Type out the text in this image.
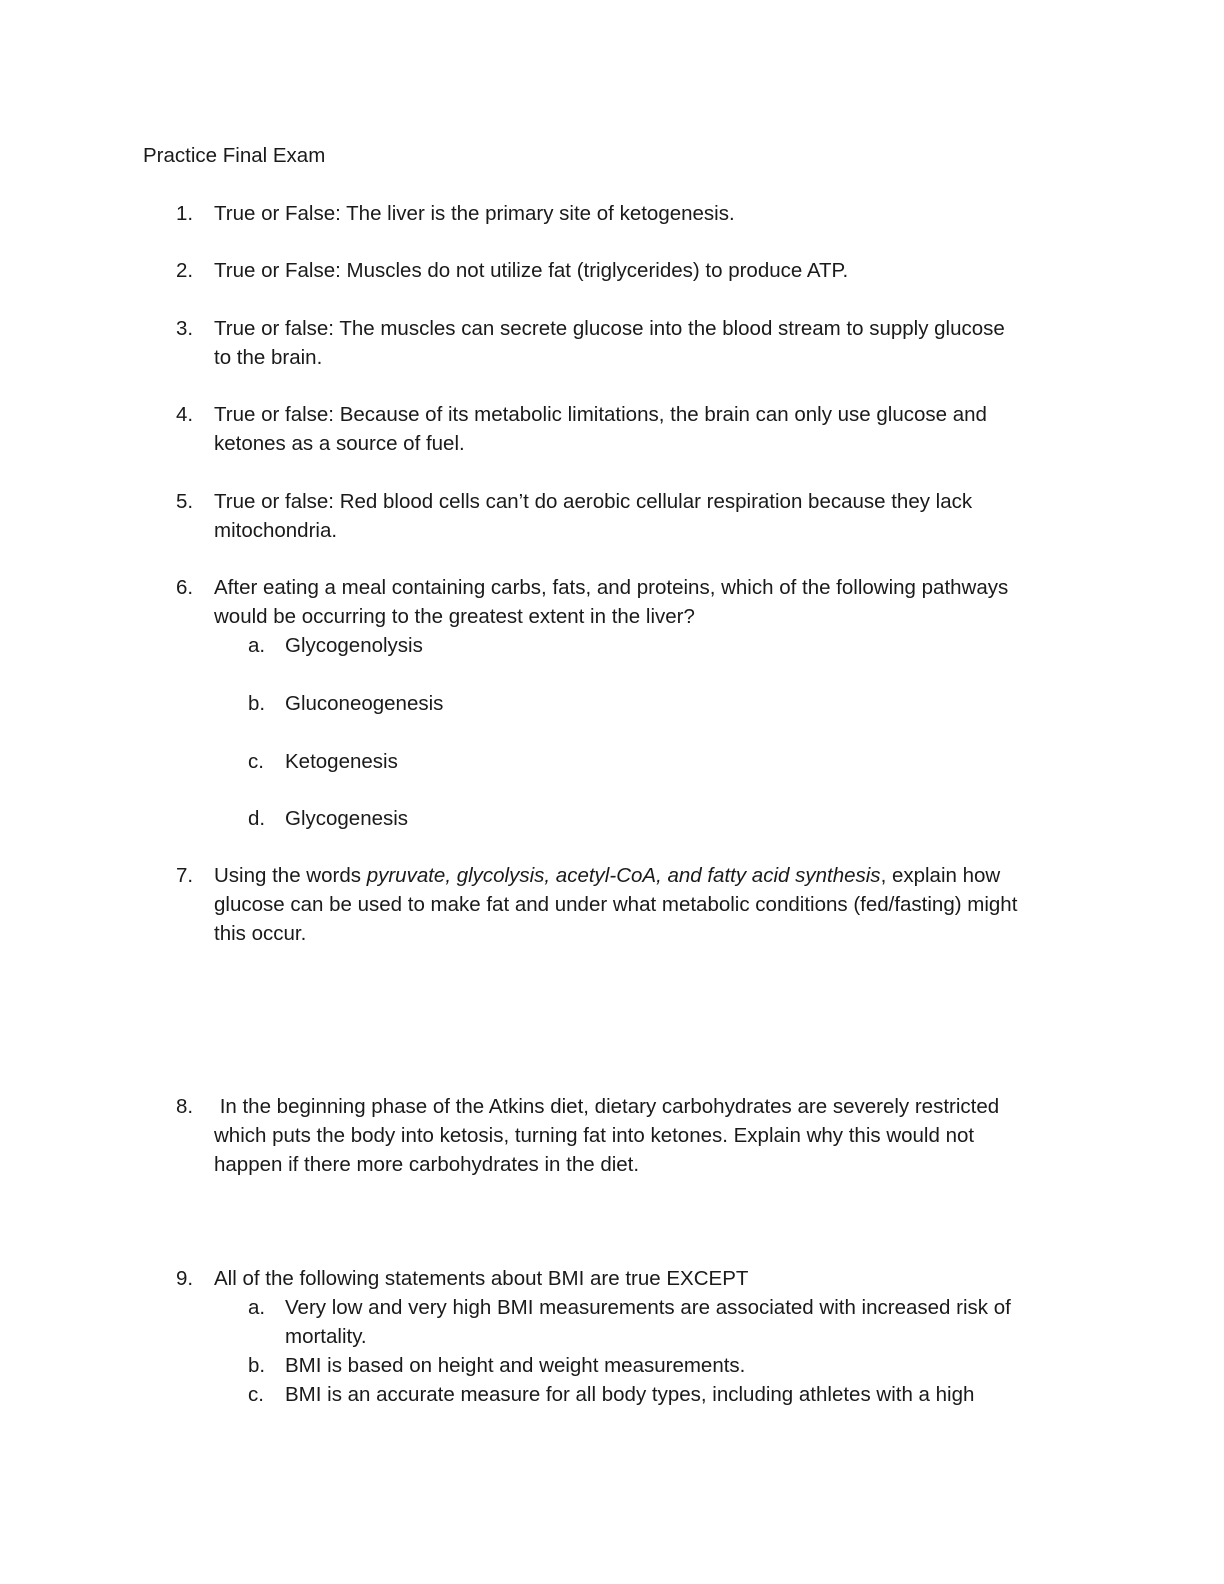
Practice Final Exam
1.	True or False: The liver is the primary site of ketogenesis.
2.	True or False: Muscles do not utilize fat (triglycerides) to produce ATP.
3.	True or false: The muscles can secrete glucose into the blood stream to supply glucose
to the brain.
4.	True or false: Because of its metabolic limitations, the brain can only use glucose and
ketones as a source of fuel.
5.	True or false: Red blood cells can’t do aerobic cellular respiration because they lack
mitochondria.
6.	After eating a meal containing carbs, fats, and proteins, which of the following pathways
would be occurring to the greatest extent in the liver?
a. Glycogenolysis
b. Gluconeogenesis
c.	Ketogenesis
d. Glycogenesis
7.	Using the words pyruvate, glycolysis, acetyl-CoA, and fatty acid synthesis, explain how
glucose can be used to make fat and under what metabolic conditions (fed/fasting) might
this occur.
8.	In the beginning phase of the Atkins diet, dietary carbohydrates are severely restricted
which puts the body into ketosis, turning fat into ketones. Explain why this would not
happen if there more carbohydrates in the diet.
9.	All of the following statements about BMI are true EXCEPT
a. Very low and very high BMI measurements are associated with increased risk of
mortality.
b. BMI is based on height and weight measurements.
c.	BMI is an accurate measure for all body types, including athletes with a high
